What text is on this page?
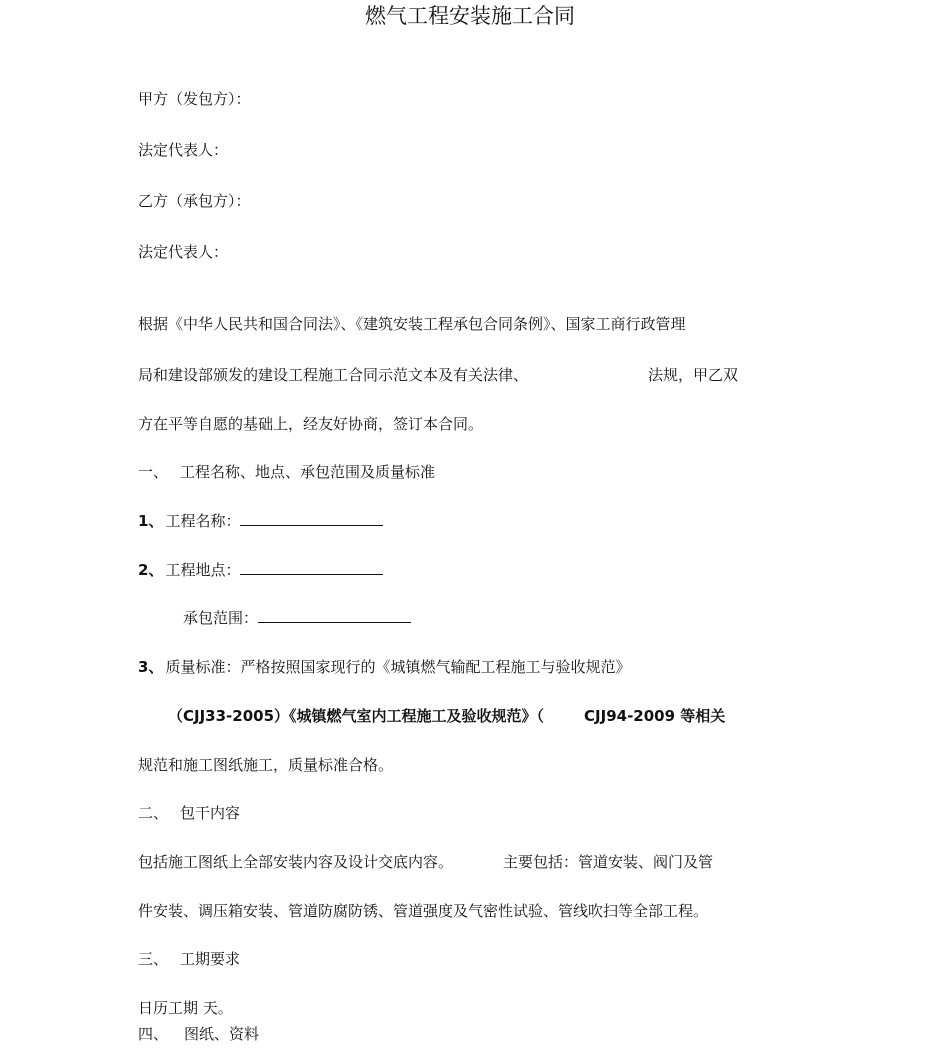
燃气工程安装施工合同
甲方（发包方）：
法定代表人：
乙方（承包方）：
法定代表人：
根据《中华人民共和国合同法》、《建筑安装工程承包合同条例》、国家工商行政管理
局和建设部颁发的建设工程施工合同示范文本及有关法律、	法规，甲乙双
方在平等自愿的基础上，经友好协商，签订本合同。
一、 工程名称、地点、承包范围及质量标准
1、 工程名称：
2、 工程地点：
承包范围：
3、 质量标准：严格按照国家现行的《城镇燃气输配工程施工与验收规范》
（CJJ33-2005）《城镇燃气室内工程施工及验收规范》（	CJJ94-2009 等相关
规范和施工图纸施工，质量标准合格。
二、 包干内容
包括施工图纸上全部安装内容及设计交底内容。	主要包括：管道安装、阀门及管
件安装、调压箱安装、管道防腐防锈、管道强度及气密性试验、管线吹扫等全部工程。
三、 工期要求
日历工期 天。
四、 图纸、资料
